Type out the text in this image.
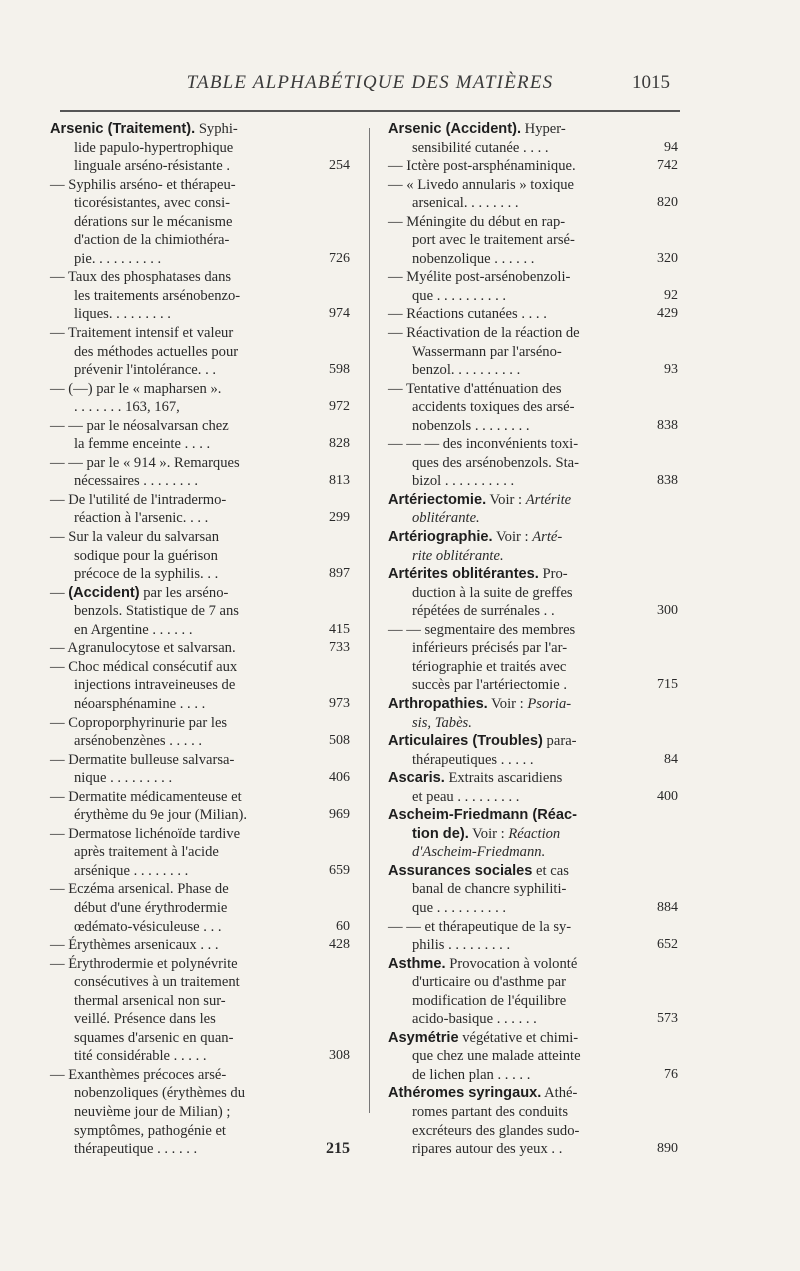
TABLE ALPHABÉTIQUE DES MATIÈRES	1015
Arsenic (Traitement). Syphi-
lide papulo-hypertrophique
linguale arséno-résistante .	254
— Syphilis arséno- et thérapeu-
ticorésistantes, avec consi-
dérations sur le mécanisme
d'action de la chimiothéra-
pie. . . . . . . . . .	726
— Taux des phosphatases dans
les traitements arsénobenzo-
liques. . . . . . . . .	974
— Traitement intensif et valeur
des méthodes actuelles pour
prévenir l'intolérance. . .	598
— (—) par le « mapharsen ».
. . . . . . . 163, 167,	972
— — par le néosalvarsan chez
la femme enceinte . . . .	828
— — par le « 914 ». Remarques
nécessaires . . . . . . . .	813
— De l'utilité de l'intradermo-
réaction à l'arsenic. . . .	299
— Sur la valeur du salvarsan
sodique pour la guérison
précoce de la syphilis. . .	897
— (Accident) par les arséno-
benzols. Statistique de 7 ans
en Argentine . . . . . .	415
— Agranulocytose et salvarsan.	733
— Choc médical consécutif aux
injections intraveineuses de
néoarsphénamine . . . .	973
— Coproporphyrinurie par les
arsénobenzènes . . . . .	508
— Dermatite bulleuse salvarsa-
nique . . . . . . . . .	406
— Dermatite médicamenteuse et
érythème du 9e jour (Milian).	969
— Dermatose lichénoïde tardive
après traitement à l'acide
arsénique . . . . . . . .	659
— Eczéma arsenical. Phase de
début d'une érythrodermie
œdémato-vésiculeuse . . .	60
— Érythèmes arsenicaux . . .	428
— Érythrodermie et polynévrite
consécutives à un traitement
thermal arsenical non sur-
veillé. Présence dans les
squames d'arsenic en quan-
tité considérable . . . . .	308
— Exanthèmes précoces arsé-
nobenzoliques (érythèmes du
neuvième jour de Milian) ;
symptômes, pathogénie et
thérapeutique . . . . . .	215
Arsenic (Accident). Hyper-
sensibilité cutanée . . . .	94
— Ictère post-arsphénaminique.	742
— « Livedo annularis » toxique
arsenical. . . . . . . .	820
— Méningite du début en rap-
port avec le traitement arsé-
nobenzolique . . . . . .	320
— Myélite post-arsénobenzoli-
que . . . . . . . . . .	92
— Réactions cutanées . . . .	429
— Réactivation de la réaction de
Wassermann par l'arséno-
benzol. . . . . . . . . .	93
— Tentative d'atténuation des
accidents toxiques des arsé-
nobenzols . . . . . . . .	838
— — — des inconvénients toxi-
ques des arsénobenzols. Sta-
bizol . . . . . . . . . .	838
Artériectomie. Voir : Artérite
oblitérante.
Artériographie. Voir : Arté-
rite oblitérante.
Artérites oblitérantes. Pro-
duction à la suite de greffes
répétées de surrénales . .	300
— — segmentaire des membres
inférieurs précisés par l'ar-
tériographie et traités avec
succès par l'artériectomie .	715
Arthropathies. Voir : Psoria-
sis, Tabès.
Articulaires (Troubles) para-
thérapeutiques . . . . .	84
Ascaris. Extraits ascaridiens
et peau . . . . . . . . .	400
Ascheim-Friedmann (Réac-
tion de). Voir : Réaction
d'Ascheim-Friedmann.
Assurances sociales et cas
banal de chancre syphiliti-
que . . . . . . . . . .	884
— — et thérapeutique de la sy-
philis . . . . . . . . .	652
Asthme. Provocation à volonté
d'urticaire ou d'asthme par
modification de l'équilibre
acido-basique . . . . . .	573
Asymétrie végétative et chimi-
que chez une malade atteinte
de lichen plan . . . . .	76
Athéromes syringaux. Athé-
romes partant des conduits
excréteurs des glandes sudo-
ripares autour des yeux . .	890
